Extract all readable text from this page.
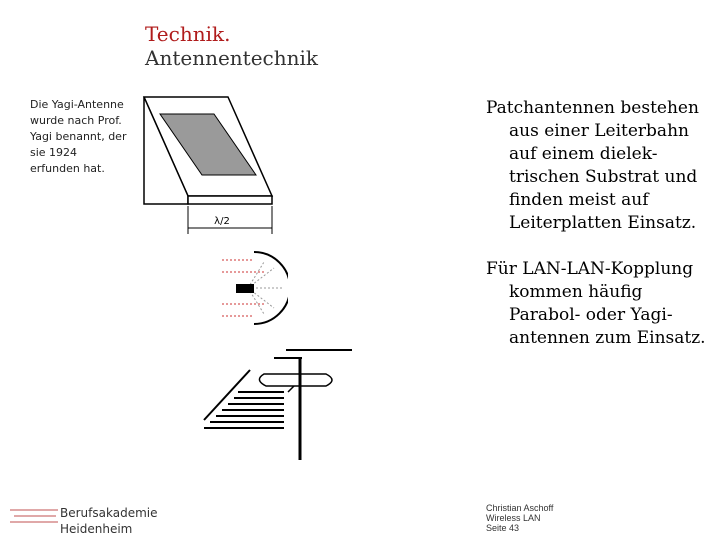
Technik.
Antennentechnik
Die Yagi-Antenne wurde nach Prof. Yagi benannt, der sie 1924 erfunden hat.
λ/2

Patchantennen bestehen aus einer Leiterbahn auf einem dielek-trischen Substrat und finden meist auf Leiterplatten Einsatz.

Für LAN-LAN-Kopplung kommen häufig Parabol- oder Yagi-antennen zum Einsatz.

Berufsakademie
Heidenheim
Christian Aschoff
Wireless LAN
Seite 43
